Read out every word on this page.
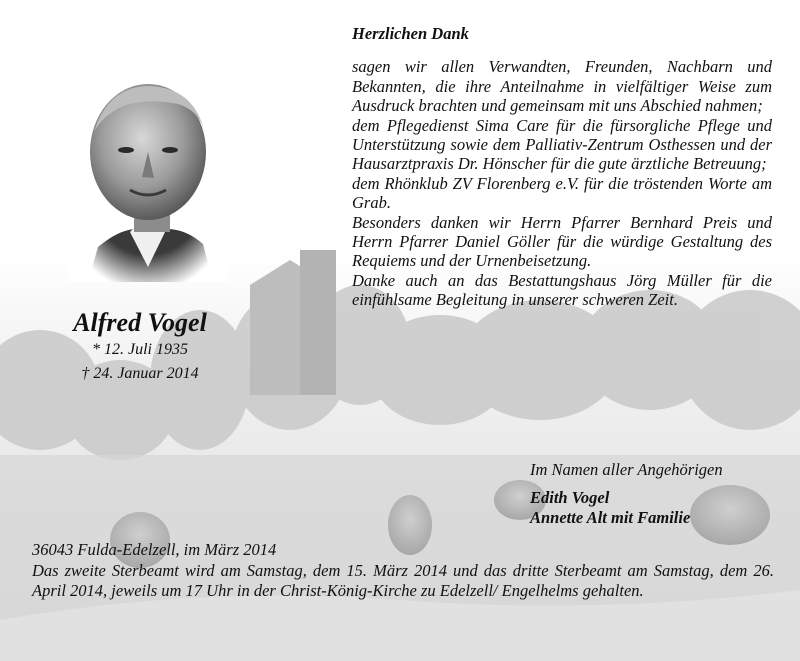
Alfred Vogel

* 12. Juli 1935

† 24. Januar 2014

Herzlichen Dank

sagen wir allen Verwandten, Freunden, Nachbarn und Bekannten, die ihre Anteilnahme in vielfältiger Weise zum Ausdruck brachten und gemeinsam mit uns Abschied nahmen;

dem Pflegedienst Sima Care für die fürsorgliche Pflege und Unterstützung sowie dem Palliativ-Zentrum Osthessen und der Hausarztpraxis Dr. Hönscher für die gute ärztliche Betreuung;

dem Rhönklub ZV Florenberg e.V. für die tröstenden Worte am Grab.

Besonders danken wir Herrn Pfarrer Bernhard Preis und Herrn Pfarrer Daniel Göller für die würdige Gestaltung des Requiems und der Urnenbeisetzung.

Danke auch an das Bestattungshaus Jörg Müller für die einfühlsame Begleitung in unserer schweren Zeit.

Im Namen aller Angehörigen
Edith Vogel
Annette Alt mit Familie

36043 Fulda-Edelzell, im März 2014

Das zweite Sterbeamt wird am Samstag, dem 15. März 2014 und das dritte Sterbeamt am Samstag, dem 26. April 2014, jeweils um 17 Uhr in der Christ-König-Kirche zu Edelzell/ Engelhelms gehalten.
